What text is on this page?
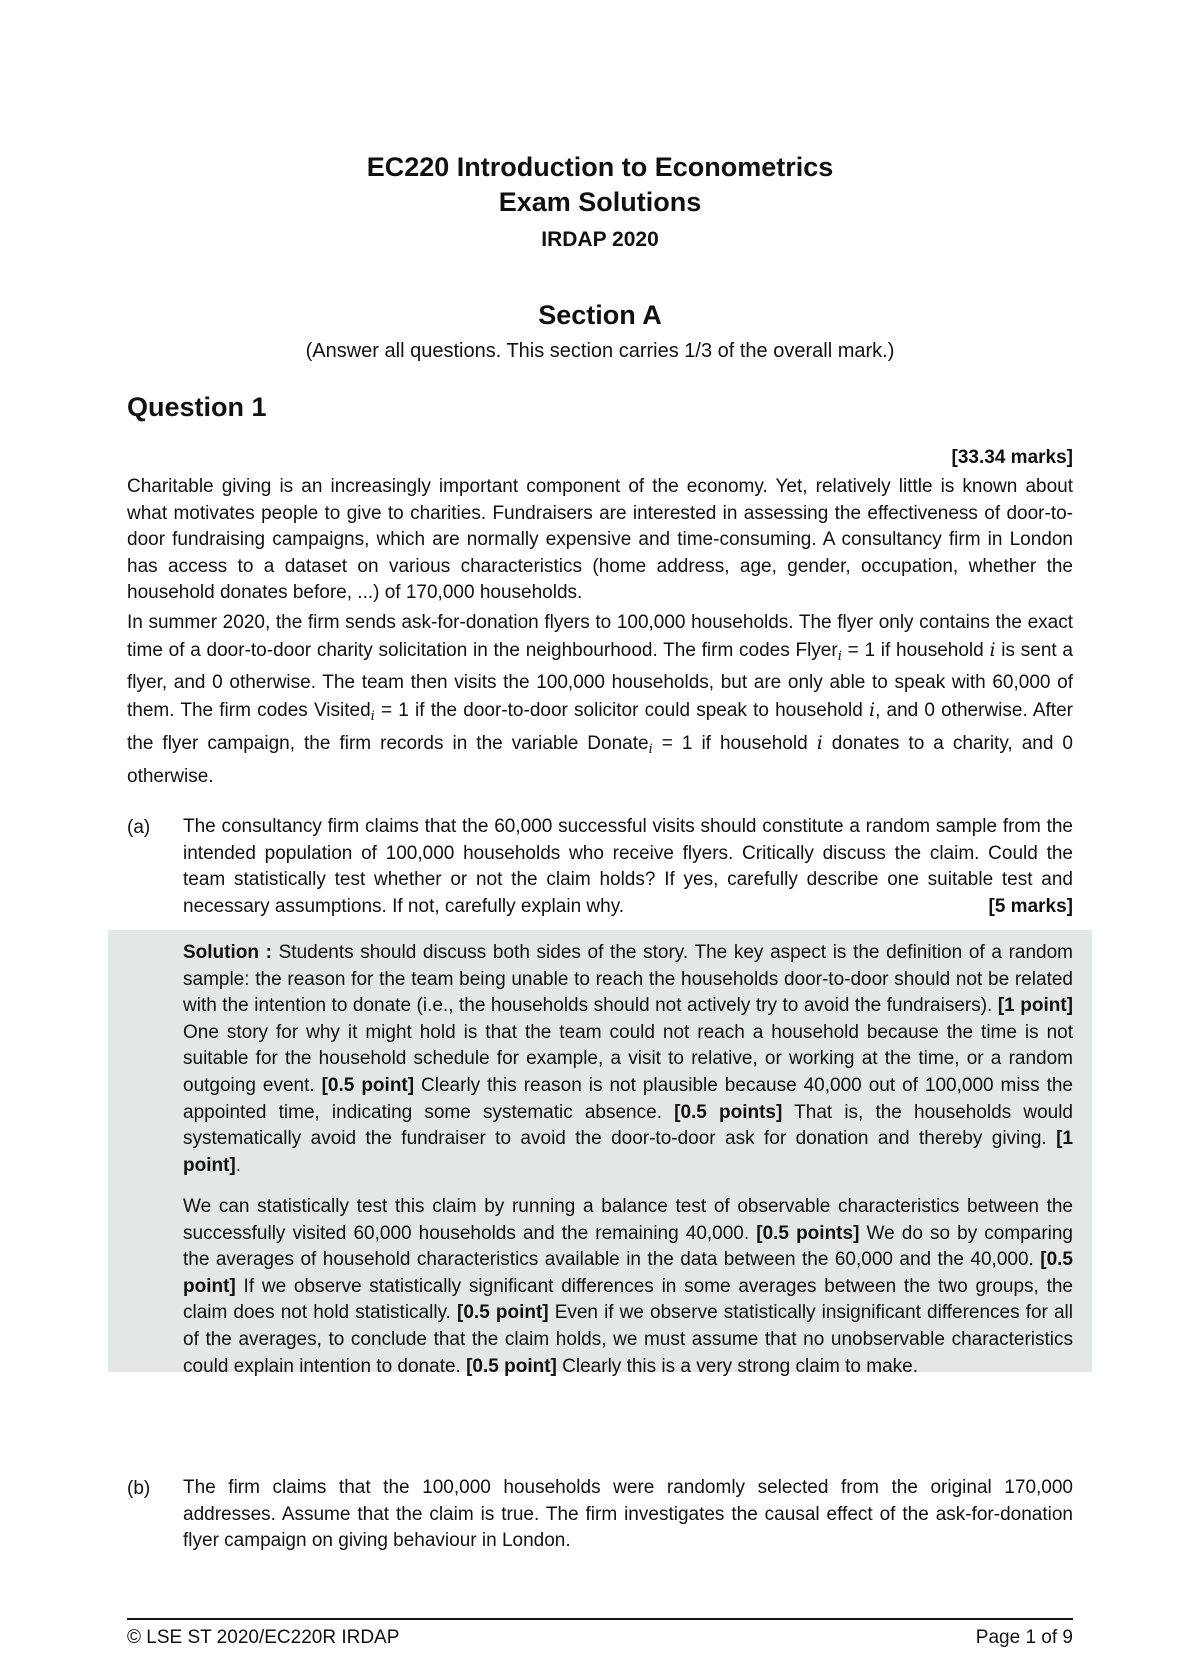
EC220 Introduction to Econometrics
Exam Solutions
IRDAP 2020
Section A
(Answer all questions. This section carries 1/3 of the overall mark.)
Question 1
[33.34 marks]

Charitable giving is an increasingly important component of the economy. Yet, relatively little is known about what motivates people to give to charities. Fundraisers are interested in assessing the effectiveness of door-to-door fundraising campaigns, which are normally expensive and time-consuming. A consultancy firm in London has access to a dataset on various characteristics (home address, age, gender, occupation, whether the household donates before, ...) of 170,000 households.

In summer 2020, the firm sends ask-for-donation flyers to 100,000 households. The flyer only contains the exact time of a door-to-door charity solicitation in the neighbourhood. The firm codes Flyer$_i$ = 1 if household i is sent a flyer, and 0 otherwise. The team then visits the 100,000 households, but are only able to speak with 60,000 of them. The firm codes Visited$_i$ = 1 if the door-to-door solicitor could speak to household i, and 0 otherwise. After the flyer campaign, the firm records in the variable Donate$_i$ = 1 if household i donates to a charity, and 0 otherwise.

(a) The consultancy firm claims that the 60,000 successful visits should constitute a random sample from the intended population of 100,000 households who receive flyers. Critically discuss the claim. Could the team statistically test whether or not the claim holds? If yes, carefully describe one suitable test and necessary assumptions. If not, carefully explain why.	[5 marks]

Solution : Students should discuss both sides of the story. The key aspect is the definition of a random sample: the reason for the team being unable to reach the households door-to-door should not be related with the intention to donate (i.e., the households should not actively try to avoid the fundraisers). [1 point] One story for why it might hold is that the team could not reach a household because the time is not suitable for the household schedule for example, a visit to relative, or working at the time, or a random outgoing event. [0.5 point] Clearly this reason is not plausible because 40,000 out of 100,000 miss the appointed time, indicating some systematic absence. [0.5 points] That is, the households would systematically avoid the fundraiser to avoid the door-to-door ask for donation and thereby giving. [1 point].

We can statistically test this claim by running a balance test of observable characteristics between the successfully visited 60,000 households and the remaining 40,000. [0.5 points] We do so by comparing the averages of household characteristics available in the data between the 60,000 and the 40,000. [0.5 point] If we observe statistically significant differences in some averages between the two groups, the claim does not hold statistically. [0.5 point] Even if we observe statistically insignificant differences for all of the averages, to conclude that the claim holds, we must assume that no unobservable characteristics could explain intention to donate. [0.5 point] Clearly this is a very strong claim to make.

(b) The firm claims that the 100,000 households were randomly selected from the original 170,000 addresses. Assume that the claim is true. The firm investigates the causal effect of the ask-for-donation flyer campaign on giving behaviour in London.

© LSE ST 2020/EC220R IRDAP	Page 1 of 9
